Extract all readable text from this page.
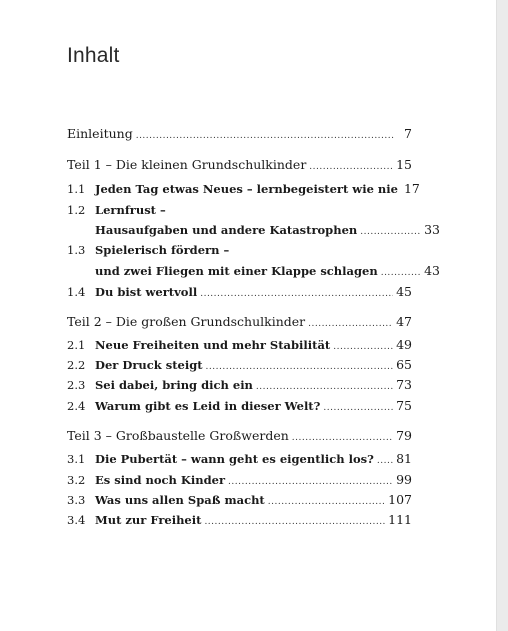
Inhalt
Einleitung .....	7
Teil 1 – Die kleinen Grundschulkinder .....	15
1.1 Jeden Tag etwas Neues – lernbegeistert wie nie 17
1.2 Lernfrust –
Hausaufgaben und andere Katastrophen .....	33
1.3 Spielerisch fördern –
und zwei Fliegen mit einer Klappe schlagen .....	43
1.4 Du bist wertvoll .....	45
Teil 2 – Die großen Grundschulkinder .....	47
2.1 Neue Freiheiten und mehr Stabilität .....	49
2.2 Der Druck steigt .....	65
2.3 Sei dabei, bring dich ein .....	73
2.4 Warum gibt es Leid in dieser Welt? .....	75
Teil 3 – Großbaustelle Großwerden .....	79
3.1 Die Pubertät – wann geht es eigentlich los? ..... 81
3.2 Es sind noch Kinder .....	99
3.3 Was uns allen Spaß macht .....	107
3.4 Mut zur Freiheit .....	111
